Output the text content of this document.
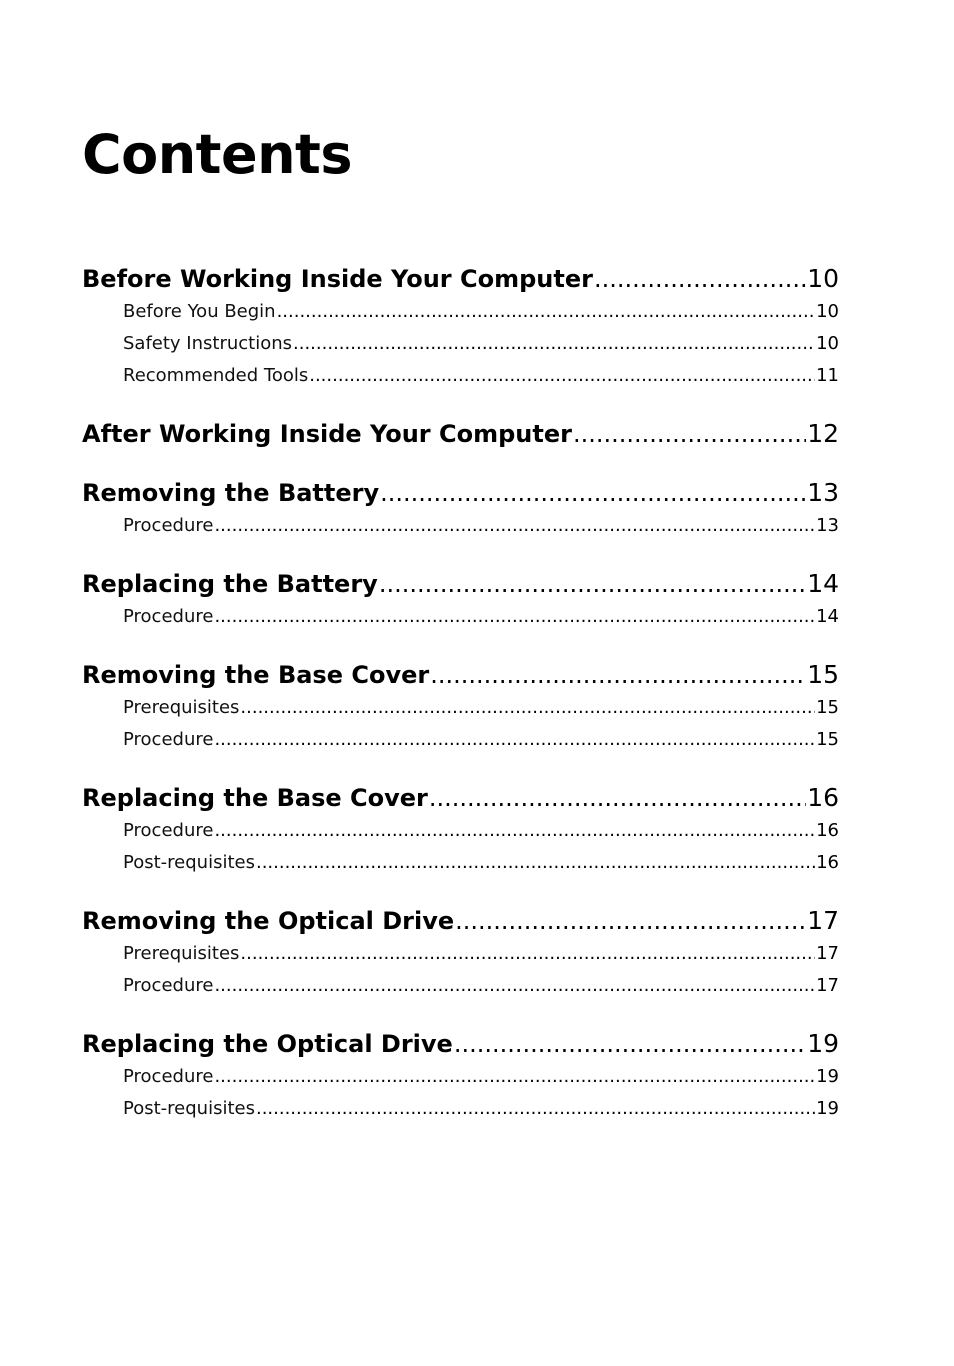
Contents
Before Working Inside Your Computer .....	10
Before You Begin .....	10
Safety Instructions .....	10
Recommended Tools .....	11
After Working Inside Your Computer .....	12
Removing the Battery .....	13
Procedure .....	13
Replacing the Battery .....	14
Procedure .....	14
Removing the Base Cover .....	15
Prerequisites .....	15
Procedure .....	15
Replacing the Base Cover .....	16
Procedure .....	16
Post-requisites .....	16
Removing the Optical Drive .....	17
Prerequisites .....	17
Procedure .....	17
Replacing the Optical Drive .....	19
Procedure .....	19
Post-requisites .....	19
